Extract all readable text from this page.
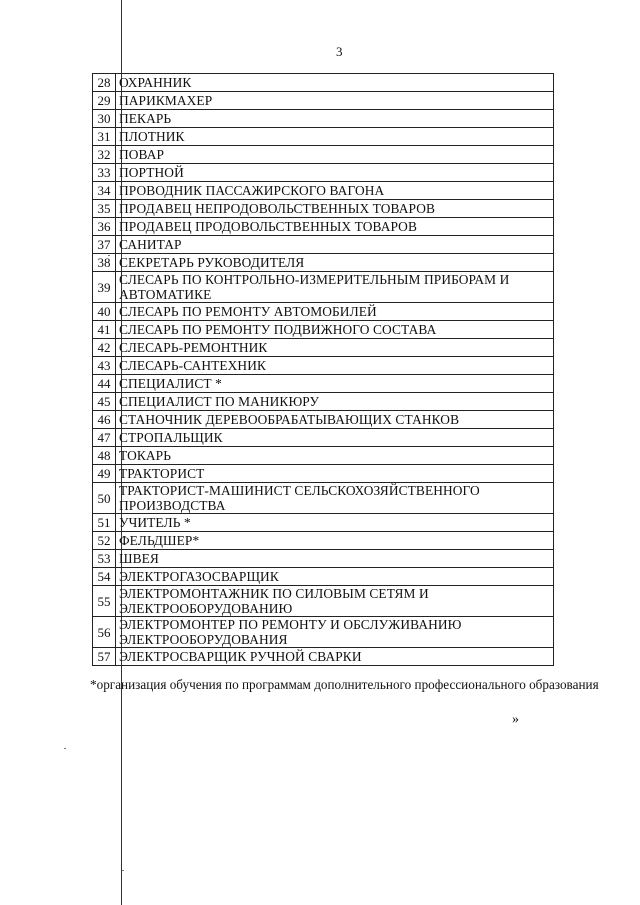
3
28	ОХРАННИК
29	ПАРИКМАХЕР
30	ПЕКАРЬ
31	ПЛОТНИК
32	ПОВАР
33	ПОРТНОЙ
34	ПРОВОДНИК ПАССАЖИРСКОГО ВАГОНА
35	ПРОДАВЕЦ НЕПРОДОВОЛЬСТВЕННЫХ ТОВАРОВ
36	ПРОДАВЕЦ ПРОДОВОЛЬСТВЕННЫХ ТОВАРОВ
37	САНИТАР
38	СЕКРЕТАРЬ РУКОВОДИТЕЛЯ
39	СЛЕСАРЬ ПО КОНТРОЛЬНО-ИЗМЕРИТЕЛЬНЫМ ПРИБОРАМ И АВТОМАТИКЕ
40	СЛЕСАРЬ ПО РЕМОНТУ АВТОМОБИЛЕЙ
41	СЛЕСАРЬ ПО РЕМОНТУ ПОДВИЖНОГО СОСТАВА
42	СЛЕСАРЬ-РЕМОНТНИК
43	СЛЕСАРЬ-САНТЕХНИК
44	СПЕЦИАЛИСТ *
45	СПЕЦИАЛИСТ ПО МАНИКЮРУ
46	СТАНОЧНИК ДЕРЕВООБРАБАТЫВАЮЩИХ СТАНКОВ
47	СТРОПАЛЬЩИК
48	ТОКАРЬ
49	ТРАКТОРИСТ
50	ТРАКТОРИСТ-МАШИНИСТ СЕЛЬСКОХОЗЯЙСТВЕННОГО ПРОИЗВОДСТВА
51	УЧИТЕЛЬ *
52	ФЕЛЬДШЕР*
53	ШВЕЯ
54	ЭЛЕКТРОГАЗОСВАРЩИК
55	ЭЛЕКТРОМОНТАЖНИК ПО СИЛОВЫМ СЕТЯМ И ЭЛЕКТРООБОРУДОВАНИЮ
56	ЭЛЕКТРОМОНТЕР ПО РЕМОНТУ И ОБСЛУЖИВАНИЮ ЭЛЕКТРООБОРУДОВАНИЯ
57	ЭЛЕКТРОСВАРЩИК РУЧНОЙ СВАРКИ
*организация обучения по программам дополнительного профессионального образования
»
